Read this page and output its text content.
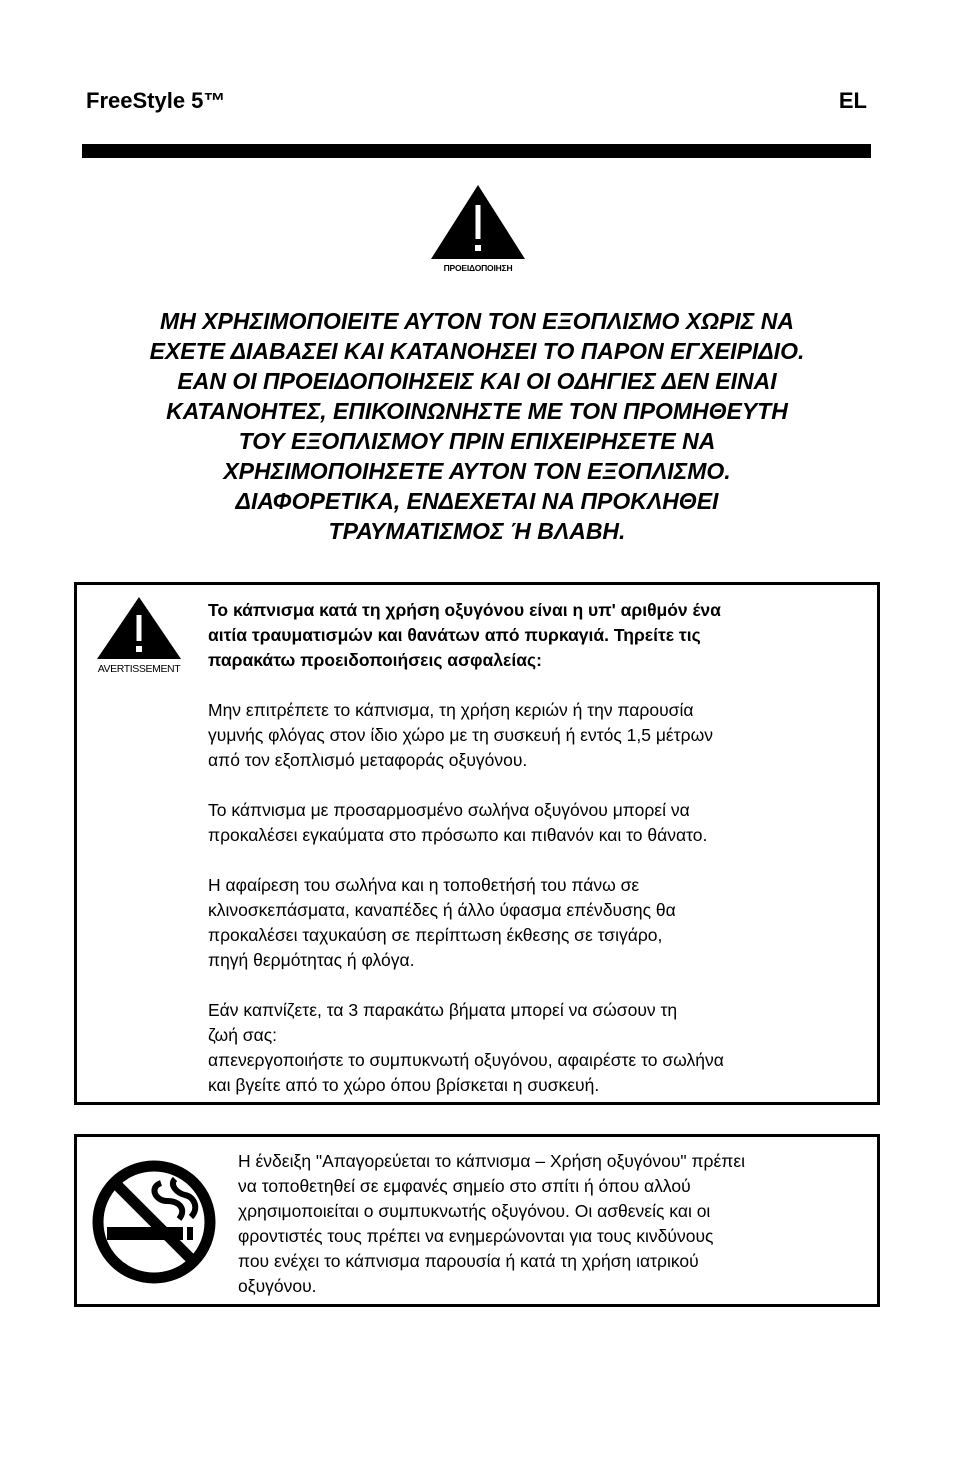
FreeStyle 5™	EL
ΠΡΟΕΙΔΟΠΟΙΗΣΗ
ΜΗ ΧΡΗΣΙΜΟΠΟΙΕΙΤΕ ΑΥΤΟΝ ΤΟΝ ΕΞΟΠΛΙΣΜΟ ΧΩΡΙΣ ΝΑ
ΕΧΕΤΕ ΔΙΑΒΑΣΕΙ ΚΑΙ ΚΑΤΑΝΟΗΣΕΙ ΤΟ ΠΑΡΟΝ ΕΓΧΕΙΡΙΔΙΟ.
ΕΑΝ ΟΙ ΠΡΟΕΙΔΟΠΟΙΗΣΕΙΣ ΚΑΙ ΟΙ ΟΔΗΓΙΕΣ ΔΕΝ ΕΙΝΑΙ
ΚΑΤΑΝΟΗΤΕΣ, ΕΠΙΚΟΙΝΩΝΗΣΤΕ ΜΕ ΤΟΝ ΠΡΟΜΗΘΕΥΤΗ
ΤΟΥ ΕΞΟΠΛΙΣΜΟΥ ΠΡΙΝ ΕΠΙΧΕΙΡΗΣΕΤΕ ΝΑ
ΧΡΗΣΙΜΟΠΟΙΗΣΕΤΕ ΑΥΤΟΝ ΤΟΝ ΕΞΟΠΛΙΣΜΟ.
ΔΙΑΦΟΡΕΤΙΚΑ, ΕΝΔΕΧΕΤΑΙ ΝΑ ΠΡΟΚΛΗΘΕΙ
ΤΡΑΥΜΑΤΙΣΜΟΣ Ή ΒΛΑΒΗ.
AVERTISSEMENT
Το κάπνισμα κατά τη χρήση οξυγόνου είναι η υπ' αριθμόν ένα
αιτία τραυματισμών και θανάτων από πυρκαγιά. Τηρείτε τις
παρακάτω προειδοποιήσεις ασφαλείας:
Μην επιτρέπετε το κάπνισμα, τη χρήση κεριών ή την παρουσία
γυμνής φλόγας στον ίδιο χώρο με τη συσκευή ή εντός 1,5 μέτρων
από τον εξοπλισμό μεταφοράς οξυγόνου.
Το κάπνισμα με προσαρμοσμένο σωλήνα οξυγόνου μπορεί να
προκαλέσει εγκαύματα στο πρόσωπο και πιθανόν και το θάνατο.
Η αφαίρεση του σωλήνα και η τοποθετήσή του πάνω σε
κλινοσκεπάσματα, καναπέδες ή άλλο ύφασμα επένδυσης θα
προκαλέσει ταχυκαύση σε περίπτωση έκθεσης σε τσιγάρο,
πηγή θερμότητας ή φλόγα.
Εάν καπνίζετε, τα 3 παρακάτω βήματα μπορεί να σώσουν τη
ζωή σας:
απενεργοποιήστε το συμπυκνωτή οξυγόνου, αφαιρέστε το σωλήνα
και βγείτε από το χώρο όπου βρίσκεται η συσκευή.
Η ένδειξη "Απαγορεύεται το κάπνισμα – Χρήση οξυγόνου" πρέπει
να τοποθετηθεί σε εμφανές σημείο στο σπίτι ή όπου αλλού
χρησιμοποιείται ο συμπυκνωτής οξυγόνου. Οι ασθενείς και οι
φροντιστές τους πρέπει να ενημερώνονται για τους κινδύνους
που ενέχει το κάπνισμα παρουσία ή κατά τη χρήση ιατρικού
οξυγόνου.
